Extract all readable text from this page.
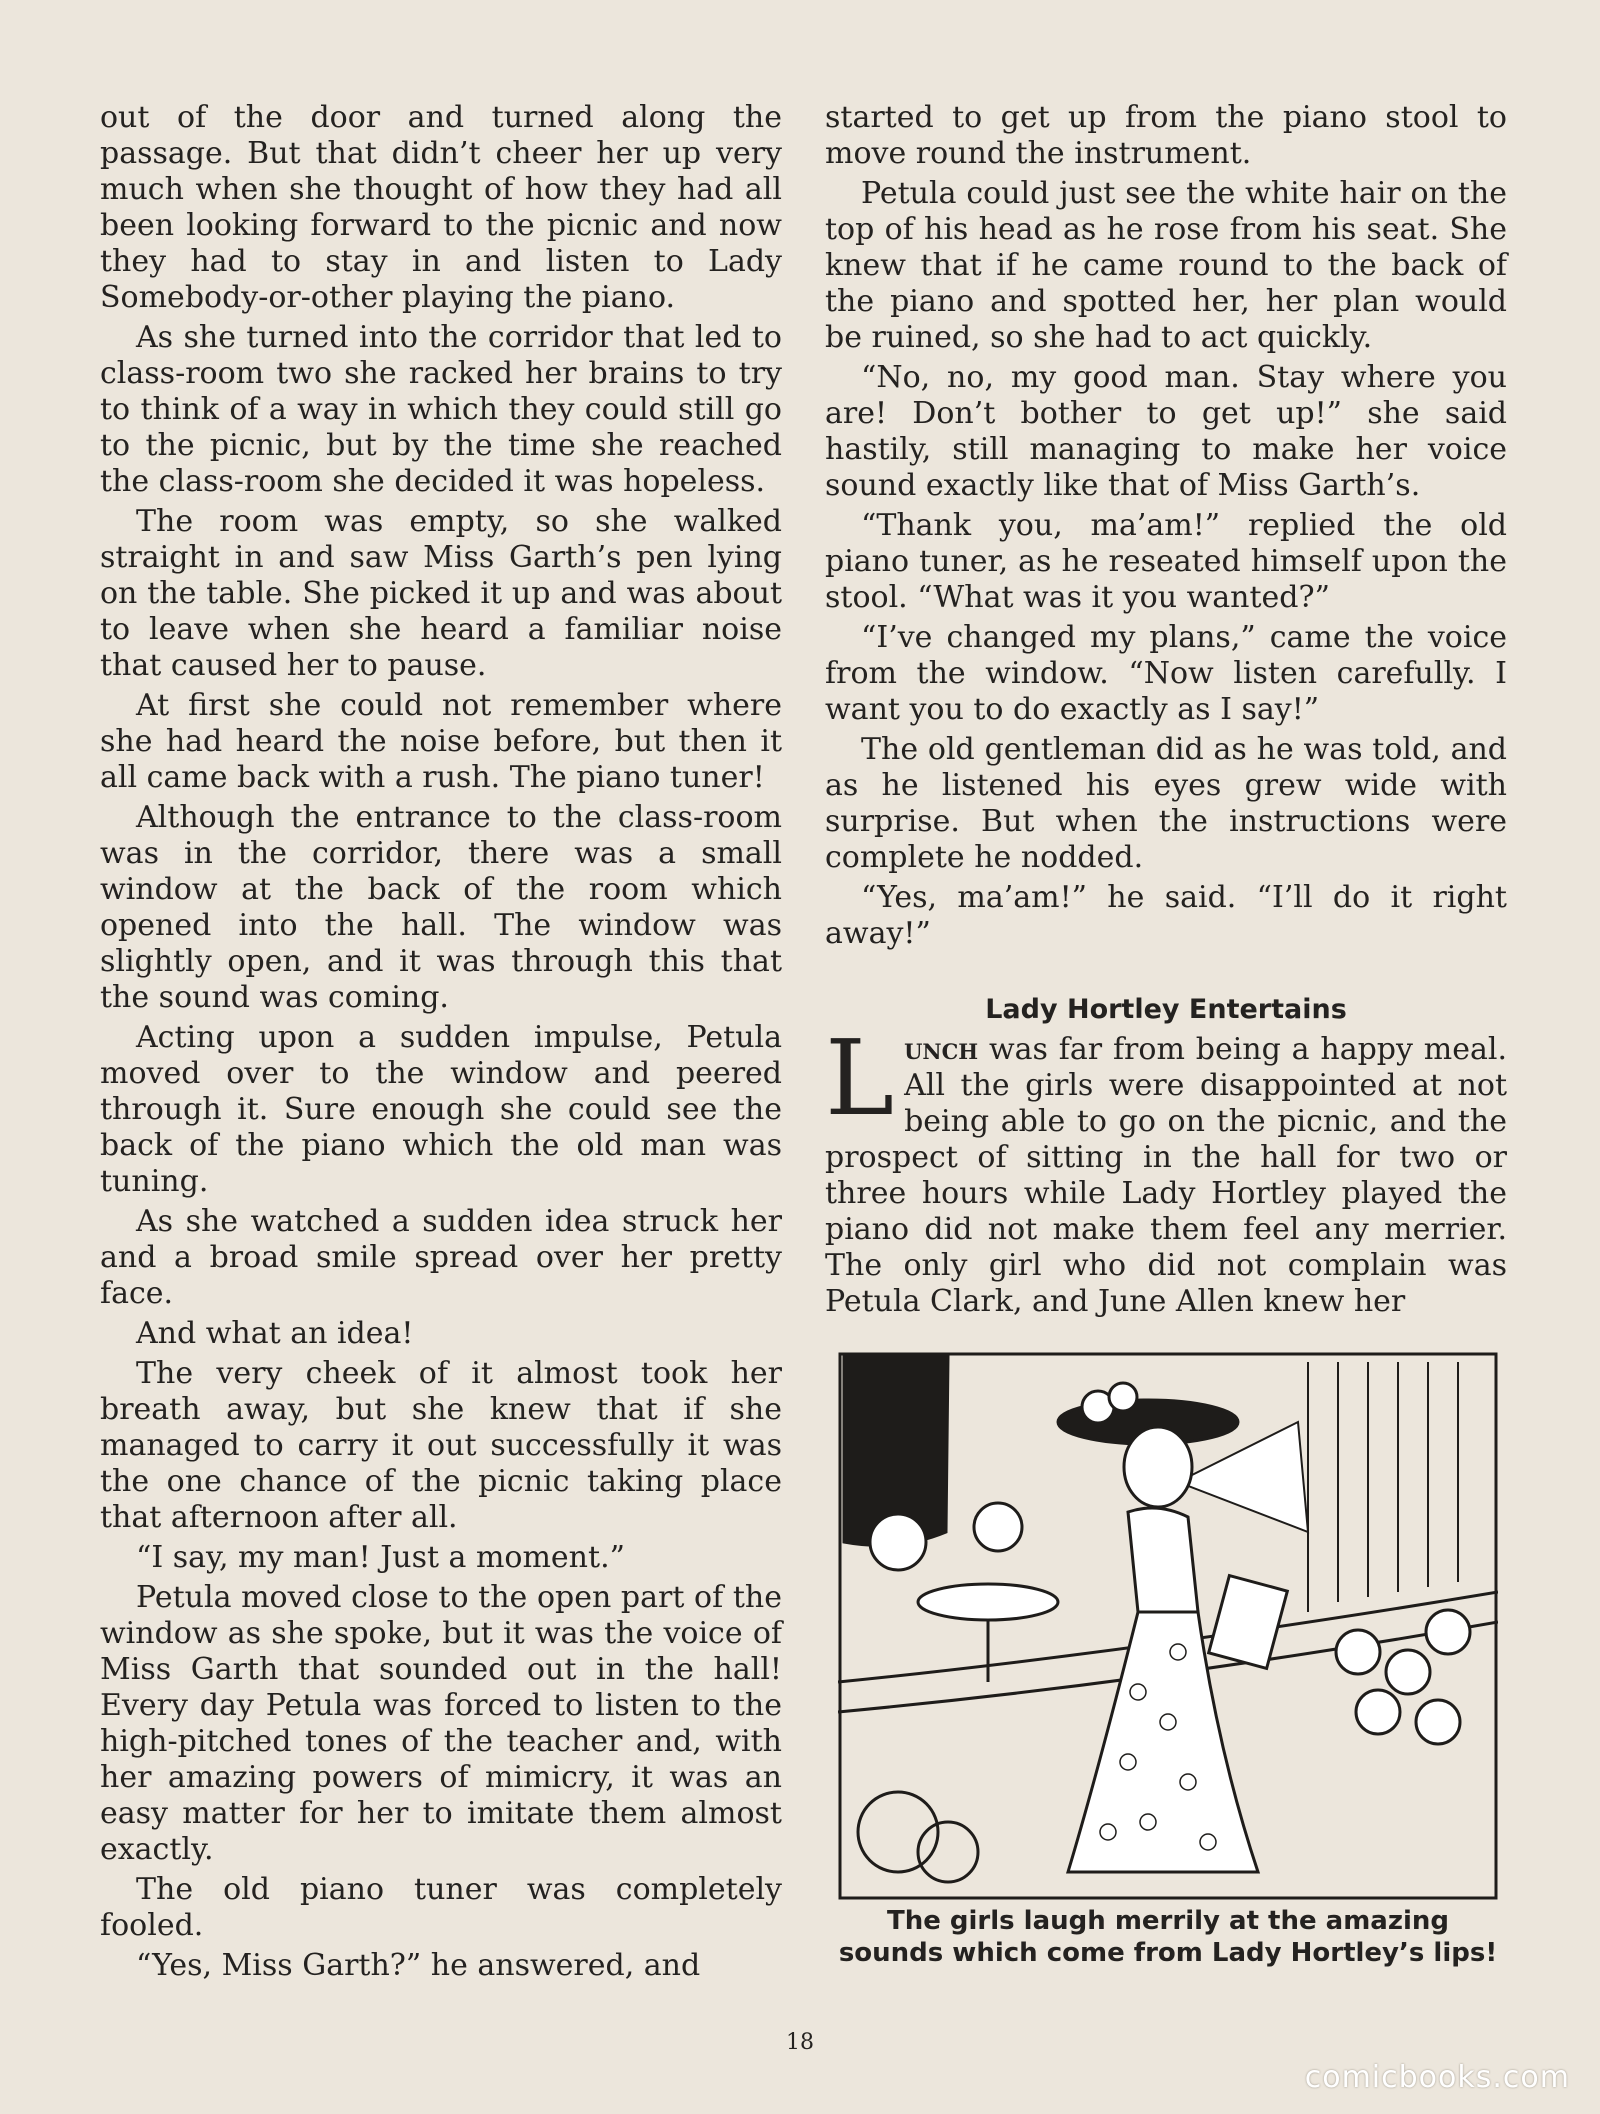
out of the door and turned along the passage. But that didn’t cheer her up very much when she thought of how they had all been looking forward to the picnic and now they had to stay in and listen to Lady Somebody-or-other playing the piano.

As she turned into the corridor that led to class-room two she racked her brains to try to think of a way in which they could still go to the picnic, but by the time she reached the class-room she decided it was hopeless.

The room was empty, so she walked straight in and saw Miss Garth’s pen lying on the table. She picked it up and was about to leave when she heard a familiar noise that caused her to pause.

At first she could not remember where she had heard the noise before, but then it all came back with a rush. The piano tuner!

Although the entrance to the class-room was in the corridor, there was a small window at the back of the room which opened into the hall. The window was slightly open, and it was through this that the sound was coming.

Acting upon a sudden impulse, Petula moved over to the window and peered through it. Sure enough she could see the back of the piano which the old man was tuning.

As she watched a sudden idea struck her and a broad smile spread over her pretty face.

And what an idea!

The very cheek of it almost took her breath away, but she knew that if she managed to carry it out successfully it was the one chance of the picnic taking place that afternoon after all.

“I say, my man! Just a moment.”

Petula moved close to the open part of the window as she spoke, but it was the voice of Miss Garth that sounded out in the hall! Every day Petula was forced to listen to the high-pitched tones of the teacher and, with her amazing powers of mimicry, it was an easy matter for her to imitate them almost exactly.

The old piano tuner was completely fooled.

“Yes, Miss Garth?” he answered, and

started to get up from the piano stool to move round the instrument.

Petula could just see the white hair on the top of his head as he rose from his seat. She knew that if he came round to the back of the piano and spotted her, her plan would be ruined, so she had to act quickly.

“No, no, my good man. Stay where you are! Don’t bother to get up!” she said hastily, still managing to make her voice sound exactly like that of Miss Garth’s.

“Thank you, ma’am!” replied the old piano tuner, as he reseated himself upon the stool. “What was it you wanted?”

“I’ve changed my plans,” came the voice from the window. “Now listen carefully. I want you to do exactly as I say!”

The old gentleman did as he was told, and as he listened his eyes grew wide with surprise. But when the instructions were complete he nodded.

“Yes, ma’am!” he said. “I’ll do it right away!”

Lady Hortley Entertains

Lunch was far from being a happy meal. All the girls were disappointed at not being able to go on the picnic, and the prospect of sitting in the hall for two or three hours while Lady Hortley played the piano did not make them feel any merrier. The only girl who did not complain was Petula Clark, and June Allen knew her

The girls laugh merrily at the amazing sounds which come from Lady Hortley’s lips!
18
comicbooks.com
